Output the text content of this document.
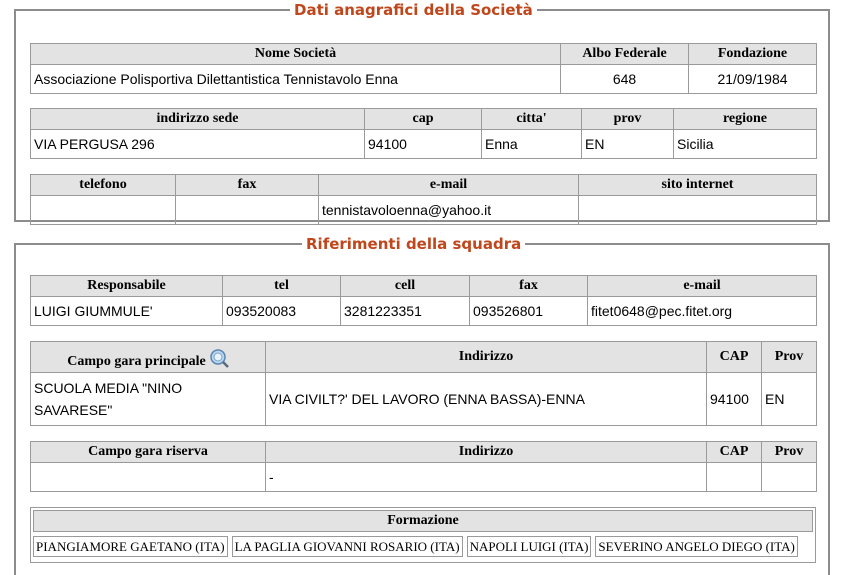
Dati anagrafici della Società
Nome Società	Albo Federale	Fondazione
Associazione Polisportiva Dilettantistica Tennistavolo Enna	648	21/09/1984
indirizzo sede	cap	citta'	prov	regione
VIA PERGUSA 296	94100	Enna	EN	Sicilia
telefono	fax	e-mail	sito internet
		tennistavoloenna@yahoo.it	
Riferimenti della squadra
Responsabile	tel	cell	fax	e-mail
LUIGI GIUMMULE'	093520083	3281223351	093526801	fitet0648@pec.fitet.org
Campo gara principale	Indirizzo	CAP	Prov
SCUOLA MEDIA "NINO SAVARESE"	VIA CIVILT?' DEL LAVORO (ENNA BASSA)-ENNA	94100	EN
Campo gara riserva	Indirizzo	CAP	Prov
	-		
Formazione
PIANGIAMORE GAETANO (ITA) LA PAGLIA GIOVANNI ROSARIO (ITA) NAPOLI LUIGI (ITA) SEVERINO ANGELO DIEGO (ITA)
